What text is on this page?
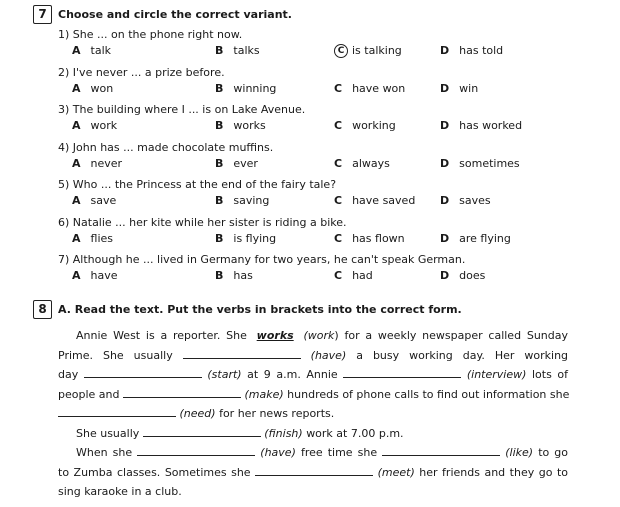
7	Choose and circle the correct variant.
1) She ... on the phone right now.
A talk	B talks	C is talking	D has told
2) I've never ... a prize before.
A won	B winning	C have won	D win
3) The building where I ... is on Lake Avenue.
A work	B works	C working	D has worked
4) John has ... made chocolate muffins.
A never	B ever	C always	D sometimes
5) Who ... the Princess at the end of the fairy tale?
A save	B saving	C have saved D saves
6) Natalie ... her kite while her sister is riding a bike.
A flies	B is flying	C has flown	D are flying
7) Although he ... lived in Germany for two years, he can't speak German.
A have	B has	C had	D does
8	A. Read the text. Put the verbs in brackets into the correct form.
Annie West is a reporter. She works (work) for a weekly newspaper called Sunday
Prime. She usually	(have) a busy working day. Her working
day	(start) at 9 a.m. Annie	(interview) lots of
people and	(make) hundreds of phone calls to find out information she
(need) for her news reports.
She usually	(finish) work at 7.00 p.m.
When she	(have) free time she	(like) to go
to Zumba classes. Sometimes she	(meet) her friends and they go to
sing karaoke in a club.
